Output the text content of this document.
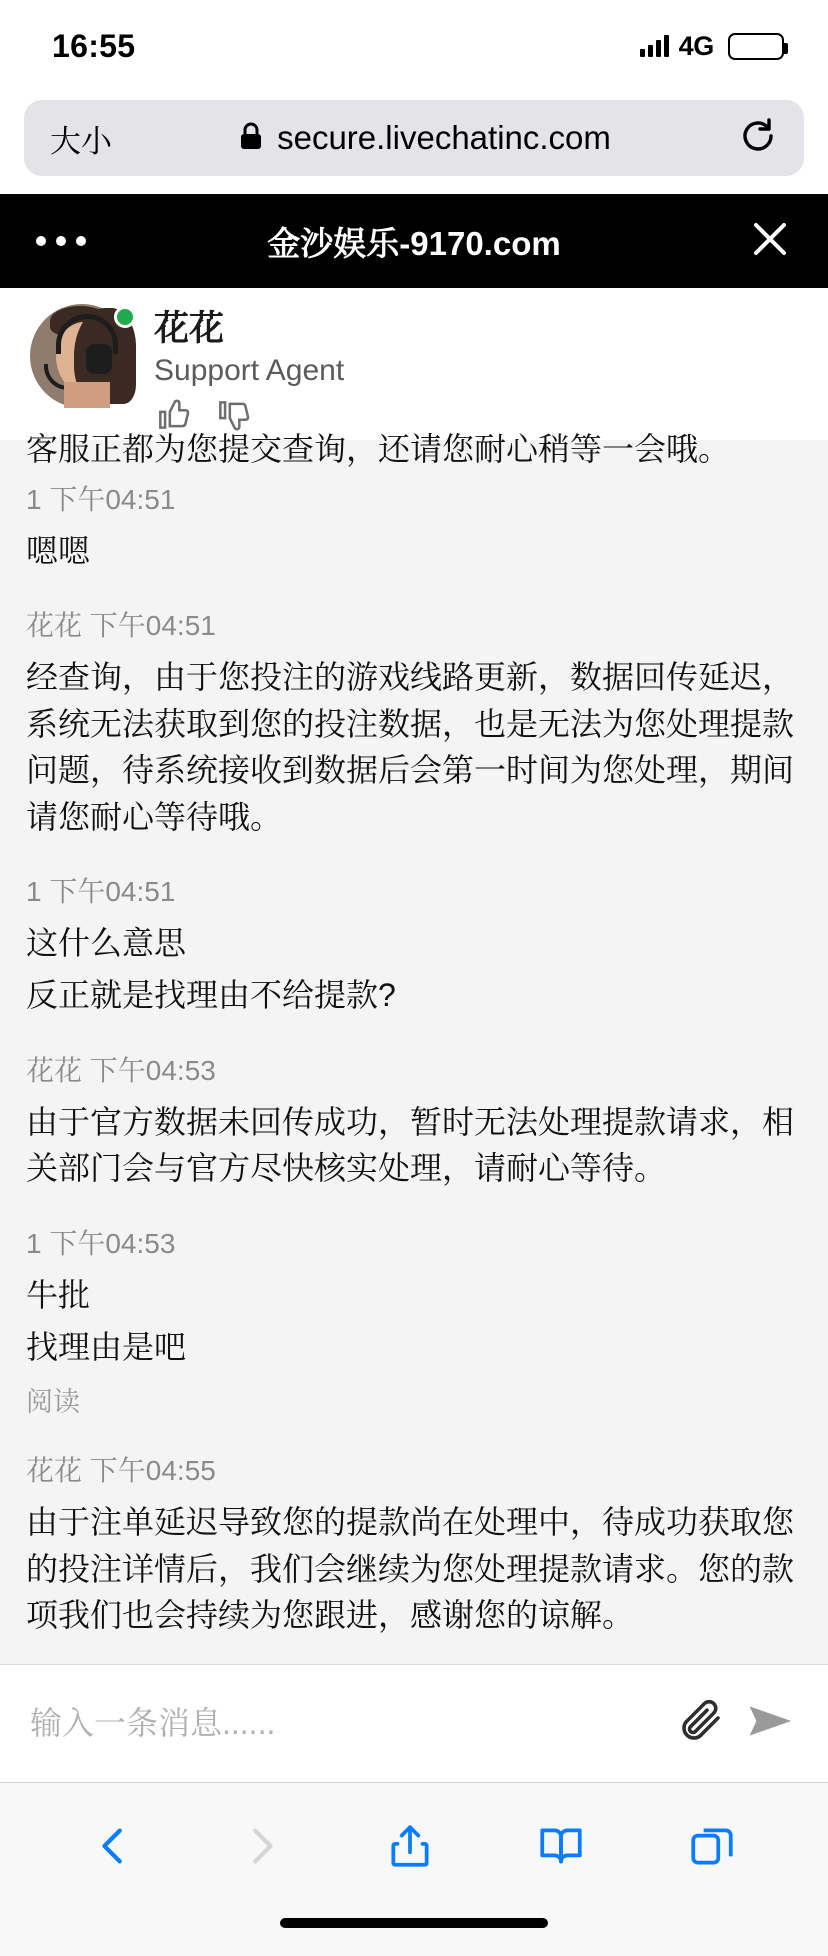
16:55	4G
大小	secure.livechatinc.com
金沙娱乐-9170.com
花花
Support Agent
客服正都为您提交查询，还请您耐心稍等一会哦。
1 下午04:51
嗯嗯
花花 下午04:51
经查询，由于您投注的游戏线路更新，数据回传延迟，系统无法获取到您的投注数据，也是无法为您处理提款问题，待系统接收到数据后会第一时间为您处理，期间请您耐心等待哦。
1 下午04:51
这什么意思
反正就是找理由不给提款?
花花 下午04:53
由于官方数据未回传成功，暂时无法处理提款请求，相关部门会与官方尽快核实处理，请耐心等待。
1 下午04:53
牛批
找理由是吧
阅读
花花 下午04:55
由于注单延迟导致您的提款尚在处理中，待成功获取您的投注详情后，我们会继续为您处理提款请求。您的款项我们也会持续为您跟进，感谢您的谅解。
输入一条消息......
